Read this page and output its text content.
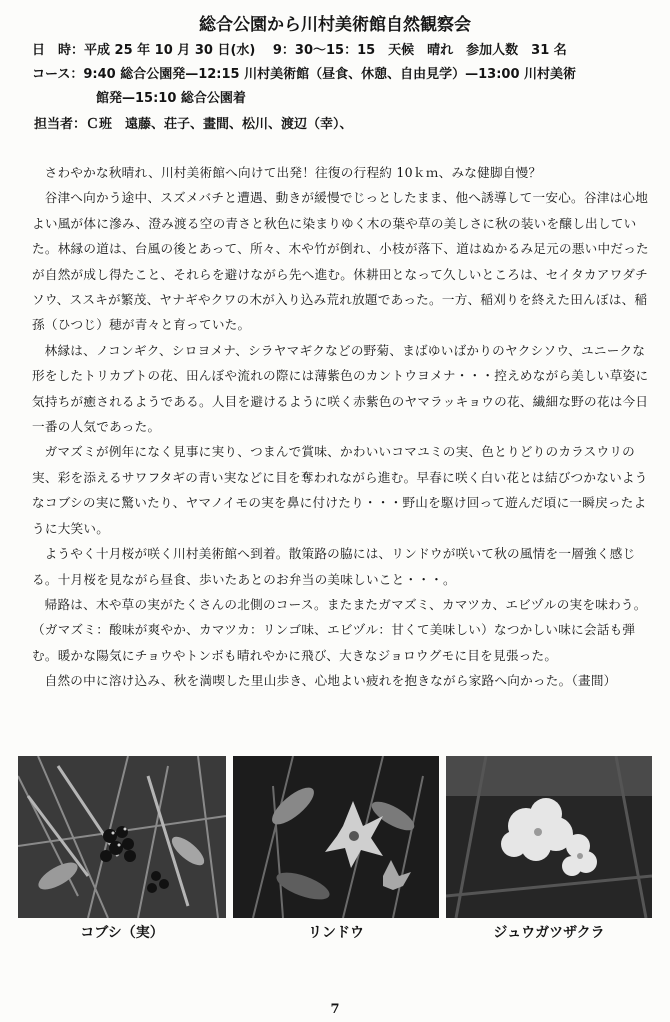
総合公園から川村美術館自然観察会
日　時：平成 25 年 10 月 30 日(水)　 9：30〜15：15　天候　晴れ　参加人数　31 名
コース：9:40 総合公園発—12:15 川村美術館（昼食、休憩、自由見学）—13:00 川村美術
館発—15:10 総合公園着
担当者：Ｃ班　遠藤、荘子、畫間、松川、渡辺（幸）、

さわやかな秋晴れ、川村美術館へ向けて出発！往復の行程約 10ｋｍ、みな健脚自慢？

谷津へ向かう途中、スズメバチと遭遇、動きが緩慢でじっとしたまま、他へ誘導して一安心。谷津は心地よい風が体に滲み、澄み渡る空の青さと秋色に染まりゆく木の葉や草の美しさに秋の装いを醸し出していた。林縁の道は、台風の後とあって、所々、木や竹が倒れ、小枝が落下、道はぬかるみ足元の悪い中だったが自然が成し得たこと、それらを避けながら先へ進む。休耕田となって久しいところは、セイタカアワダチソウ、ススキが繁茂、ヤナギやクワの木が入り込み荒れ放題であった。一方、稲刈りを終えた田んぼは、稲孫（ひつじ）穂が青々と育っていた。

林縁は、ノコンギク、シロヨメナ、シラヤマギクなどの野菊、まばゆいばかりのヤクシソウ、ユニークな形をしたトリカブトの花、田んぼや流れの際には薄紫色のカントウヨメナ・・・控えめながら美しい草姿に気持ちが癒されるようである。人目を避けるように咲く赤紫色のヤマラッキョウの花、繊細な野の花は今日一番の人気であった。

ガマズミが例年になく見事に実り、つまんで賞味、かわいいコマユミの実、色とりどりのカラスウリの実、彩を添えるサワフタギの青い実などに目を奪われながら進む。早春に咲く白い花とは結びつかないようなコブシの実に驚いたり、ヤマノイモの実を鼻に付けたり・・・野山を駆け回って遊んだ頃に一瞬戻ったように大笑い。

ようやく十月桜が咲く川村美術館へ到着。散策路の脇には、リンドウが咲いて秋の風情を一層強く感じる。十月桜を見ながら昼食、歩いたあとのお弁当の美味しいこと・・・。

帰路は、木や草の実がたくさんの北側のコース。またまたガマズミ、カマツカ、エビヅルの実を味わう。（ガマズミ：酸味が爽やか、カマツカ：リンゴ味、エビヅル：甘くて美味しい）なつかしい味に会話も弾む。暖かな陽気にチョウやトンボも晴れやかに飛び、大きなジョロウグモに目を見張った。

自然の中に溶け込み、秋を満喫した里山歩き、心地よい疲れを抱きながら家路へ向かった。（畫間）

コブシ（実）	リンドウ	ジュウガツザクラ
7
